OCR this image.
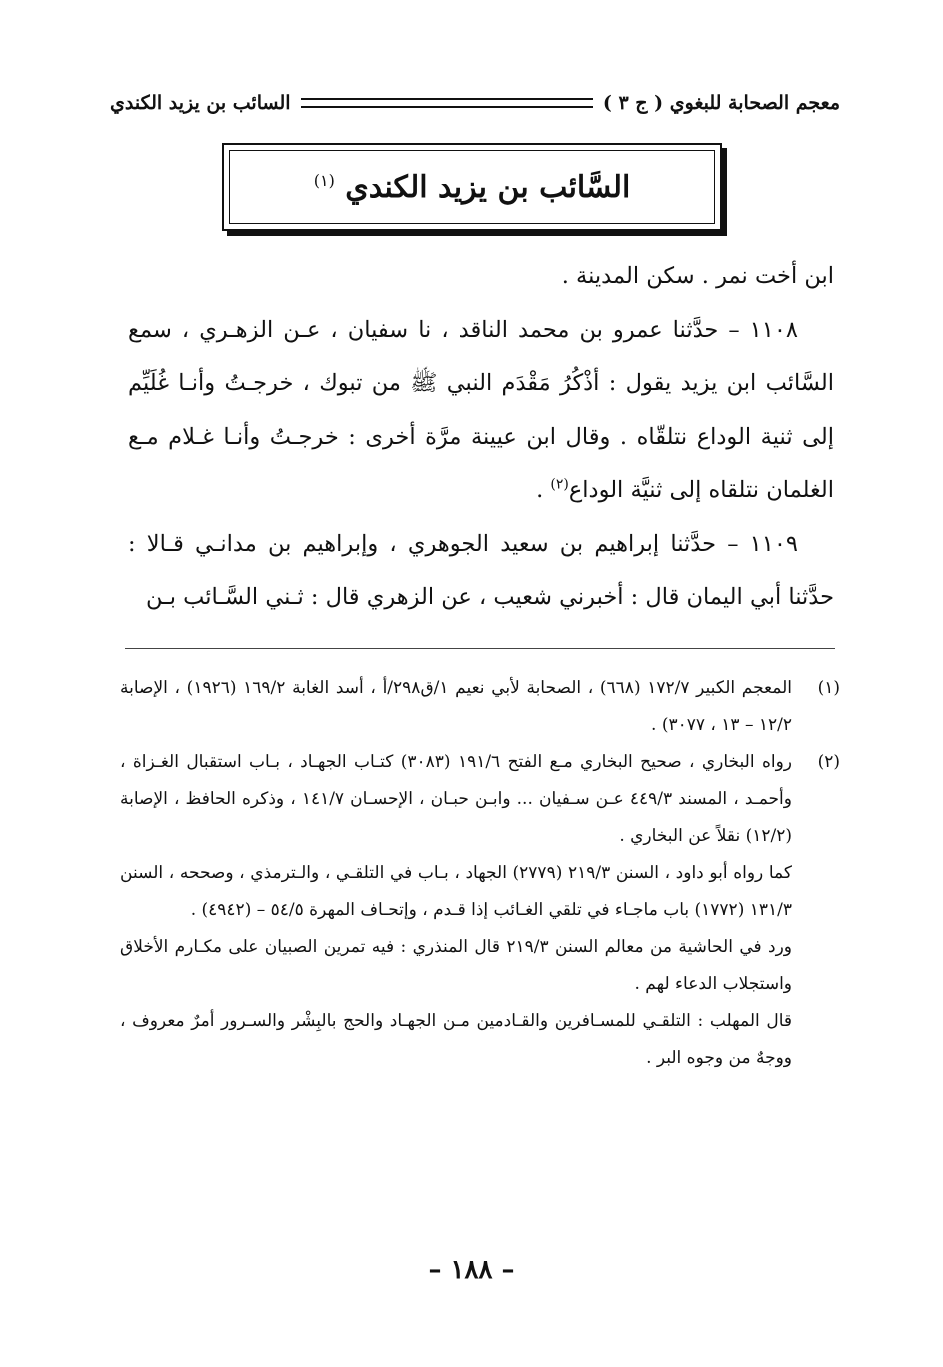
معجم الصحابة للبغوي ( ج ٣ )
السائب بن يزيد الكندي
السَّائب بن يزيد الكندي $^{(١)}$

ابن أخت نمر . سكن المدينة .

١١٠٨ – حدَّثنا عمرو بن محمد الناقد ، نا سفيان ، عـن الزهـري ، سمع السَّائب ابن يزيد يقول : أذْكُرُ مَقْدَم النبي ﷺ من تبوك ، خرجـتُ وأنـا غُلَيِّم إلى ثنية الوداع نتلقّاه . وقال ابن عيينة مرَّة أخرى : خرجـتُ وأنـا غـلام مـع الغلمان نتلقاه إلى ثنيَّة الوداع$^{(٢)}$ .

١١٠٩ – حدَّثنا إبراهيم بن سعيد الجوهري ، وإبراهيم بن مدانـي قـالا : حدَّثنا أبي اليمان قال : أخبرني شعيب ، عن الزهري قال : ثـني السَّـائب بـن

(١)

المعجم الكبير ١٧٢/٧ (٦٦٨) ، الصحابة لأبي نعيم ١/ق٢٩٨/أ ، أسد الغابة ١٦٩/٢ (١٩٢٦) ، الإصابة ١٢/٢ – ١٣ ، ٣٠٧٧) .

(٢)

رواه البخاري ، صحيح البخاري مـع الفتح ١٩١/٦ (٣٠٨٣) كتـاب الجهـاد ، بـاب استقبال الغـزاة ، وأحمـد ، المسند ٤٤٩/٣ عـن سـفيان ... وابـن حبـان ، الإحسـان ١٤١/٧ ، وذكره الحافظ ، الإصابة (١٢/٢) نقلاً عن البخاري .

كما رواه أبو داود ، السنن ٢١٩/٣ (٢٧٧٩) الجهاد ، بـاب في التلقـي ، والـترمذي ، وصححه ، السنن ١٣١/٣ (١٧٧٢) باب ماجـاء في تلقي الغـائب إذا قـدم ، وإتحـاف المهرة ٥٤/٥ – (٤٩٤٢) .

ورد في الحاشية من معالم السنن ٢١٩/٣ قال المنذري : فيه تمرين الصبيان على مكـارم الأخلاق واستجلاب الدعاء لهم .

قال المهلب : التلقـي للمسـافرين والقـادمين مـن الجهـاد والحج بالبِشْر والسـرور أمرٌ معروف ، ووجهٌ من وجوه البر .

– ١٨٨ –
